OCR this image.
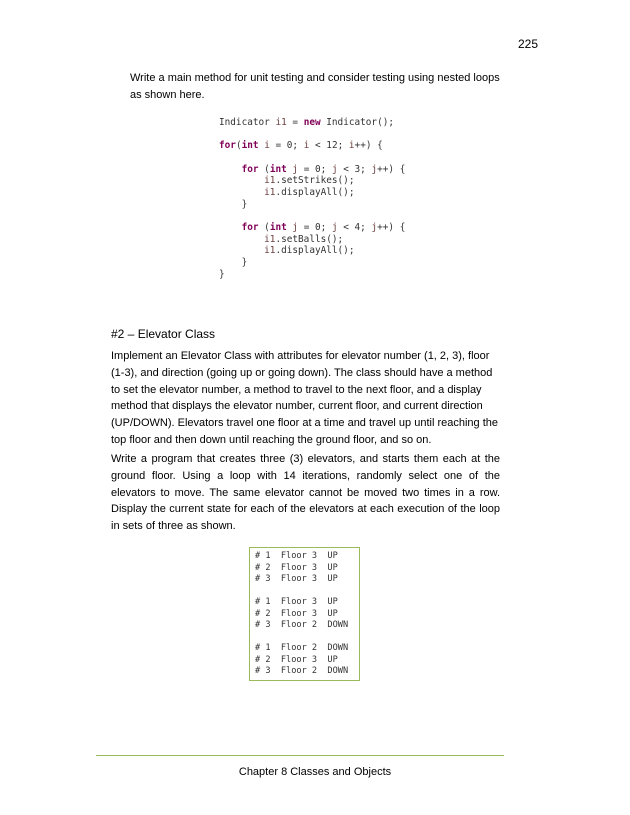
225

Write a main method for unit testing and consider testing using nested loops as shown here.

Indicator i1 = new Indicator();

for(int i = 0; i < 12; i++) {

for (int j = 0; j < 3; j++) {
i1.setStrikes();
i1.displayAll();
}

for (int j = 0; j < 4; j++) {
i1.setBalls();
i1.displayAll();
}
}

#2 – Elevator Class

Implement an Elevator Class with attributes for elevator number (1, 2, 3), floor (1-3), and direction (going up or going down). The class should have a method to set the elevator number, a method to travel to the next floor, and a display method that displays the elevator number, current floor, and current direction (UP/DOWN). Elevators travel one floor at a time and travel up until reaching the top floor and then down until reaching the ground floor, and so on.

Write a program that creates three (3) elevators, and starts them each at the ground floor. Using a loop with 14 iterations, randomly select one of the elevators to move. The same elevator cannot be moved two times in a row. Display the current state for each of the elevators at each execution of the loop in sets of three as shown.

# 1  Floor 3  UP
# 2  Floor 3  UP
# 3  Floor 3  UP

# 1  Floor 3  UP
# 2  Floor 3  UP
# 3  Floor 2  DOWN

# 1  Floor 2  DOWN
# 2  Floor 3  UP
# 3  Floor 2  DOWN

Chapter 8 Classes and Objects
